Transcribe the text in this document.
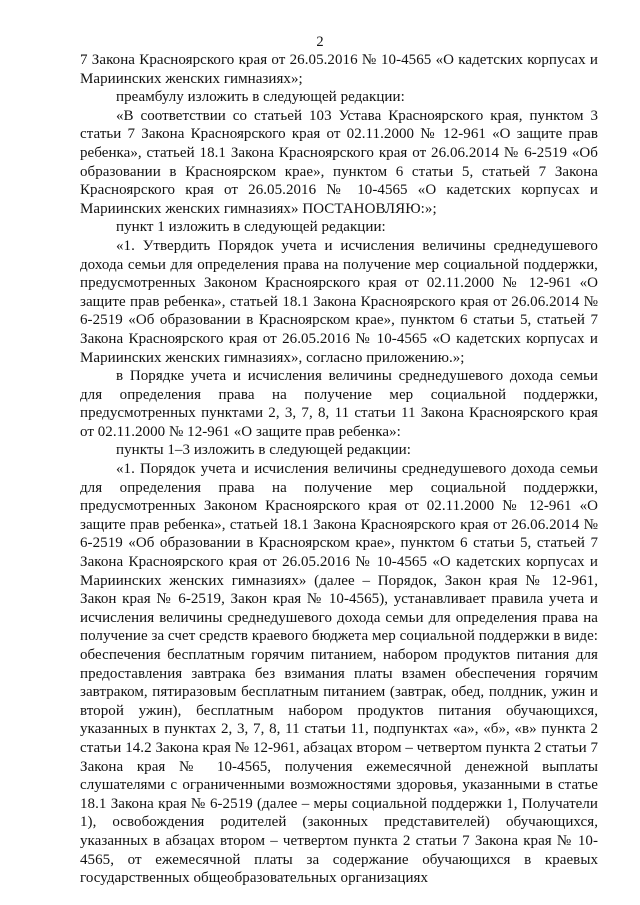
2

7 Закона Красноярского края от 26.05.2016 № 10-4565 «О кадетских корпусах и Мариинских женских гимназиях»;

преамбулу изложить в следующей редакции:

«В соответствии со статьей 103 Устава Красноярского края, пунктом 3 статьи 7 Закона Красноярского края от 02.11.2000 № 12-961 «О защите прав ребенка», статьей 18.1 Закона Красноярского края от 26.06.2014 № 6-2519 «Об образовании в Красноярском крае», пунктом 6 статьи 5, статьей 7 Закона Красноярского края от 26.05.2016 № 10-4565 «О кадетских корпусах и Мариинских женских гимназиях» ПОСТАНОВЛЯЮ:»;

пункт 1 изложить в следующей редакции:

«1. Утвердить Порядок учета и исчисления величины среднедушевого дохода семьи для определения права на получение мер социальной поддержки, предусмотренных Законом Красноярского края от 02.11.2000 № 12-961 «О защите прав ребенка», статьей 18.1 Закона Красноярского края от 26.06.2014 № 6-2519 «Об образовании в Красноярском крае», пунктом 6 статьи 5, статьей 7 Закона Красноярского края от 26.05.2016 № 10-4565 «О кадетских корпусах и Мариинских женских гимназиях», согласно приложению.»;

в Порядке учета и исчисления величины среднедушевого дохода семьи для определения права на получение мер социальной поддержки, предусмотренных пунктами 2, 3, 7, 8, 11 статьи 11 Закона Красноярского края от 02.11.2000 № 12-961 «О защите прав ребенка»:

пункты 1–3 изложить в следующей редакции:

«1. Порядок учета и исчисления величины среднедушевого дохода семьи для определения права на получение мер социальной поддержки, предусмотренных Законом Красноярского края от 02.11.2000 № 12-961 «О защите прав ребенка», статьей 18.1 Закона Красноярского края от 26.06.2014 № 6-2519 «Об образовании в Красноярском крае», пунктом 6 статьи 5, статьей 7 Закона Красноярского края от 26.05.2016 № 10-4565 «О кадетских корпусах и Мариинских женских гимназиях» (далее – Порядок, Закон края № 12-961, Закон края № 6-2519, Закон края № 10-4565), устанавливает правила учета и исчисления величины среднедушевого дохода семьи для определения права на получение за счет средств краевого бюджета мер социальной поддержки в виде: обеспечения бесплатным горячим питанием, набором продуктов питания для предоставления завтрака без взимания платы взамен обеспечения горячим завтраком, пятиразовым бесплатным питанием (завтрак, обед, полдник, ужин и второй ужин), бесплатным набором продуктов питания обучающихся, указанных в пунктах 2, 3, 7, 8, 11 статьи 11, подпунктах «а», «б», «в» пункта 2 статьи 14.2 Закона края № 12-961, абзацах втором – четвертом пункта 2 статьи 7 Закона края № 10-4565, получения ежемесячной денежной выплаты слушателями с ограниченными возможностями здоровья, указанными в статье 18.1 Закона края № 6-2519 (далее – меры социальной поддержки 1, Получатели 1), освобождения родителей (законных представителей) обучающихся, указанных в абзацах втором – четвертом пункта 2 статьи 7 Закона края № 10-4565, от ежемесячной платы за содержание обучающихся в краевых государственных общеобразовательных организациях
